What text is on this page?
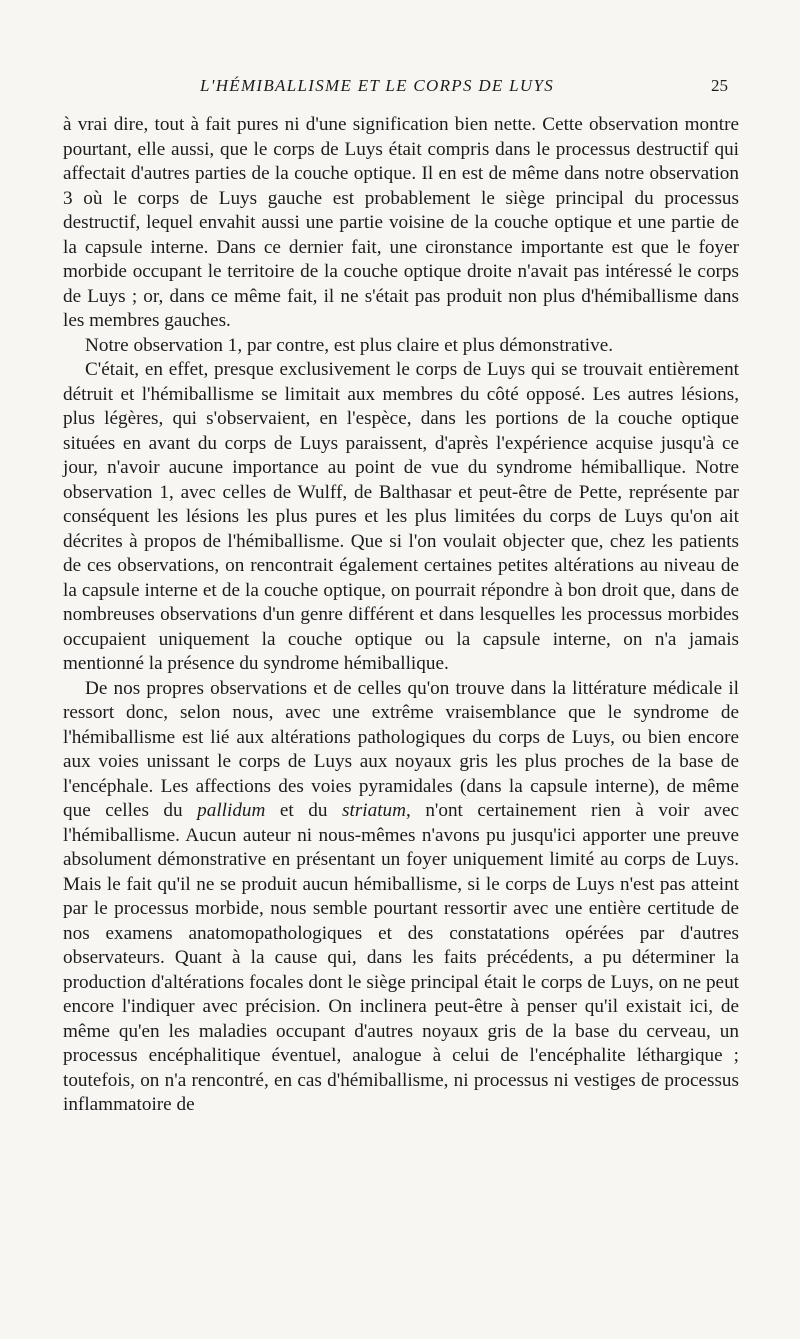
L'HÉMIBALLISME ET LE CORPS DE LUYS	25

à vrai dire, tout à fait pures ni d'une signification bien nette. Cette observation montre pourtant, elle aussi, que le corps de Luys était compris dans le processus destructif qui affectait d'autres parties de la couche optique. Il en est de même dans notre observation 3 où le corps de Luys gauche est probablement le siège principal du processus destructif, lequel envahit aussi une partie voisine de la couche optique et une partie de la capsule interne. Dans ce dernier fait, une cironstance importante est que le foyer morbide occupant le territoire de la couche optique droite n'avait pas intéressé le corps de Luys ; or, dans ce même fait, il ne s'était pas produit non plus d'hémiballisme dans les membres gauches.

Notre observation 1, par contre, est plus claire et plus démonstrative.

C'était, en effet, presque exclusivement le corps de Luys qui se trouvait entièrement détruit et l'hémiballisme se limitait aux membres du côté opposé. Les autres lésions, plus légères, qui s'observaient, en l'espèce, dans les portions de la couche optique situées en avant du corps de Luys paraissent, d'après l'expérience acquise jusqu'à ce jour, n'avoir aucune importance au point de vue du syndrome hémiballique. Notre observation 1, avec celles de Wulff, de Balthasar et peut-être de Pette, représente par conséquent les lésions les plus pures et les plus limitées du corps de Luys qu'on ait décrites à propos de l'hémiballisme. Que si l'on voulait objecter que, chez les patients de ces observations, on rencontrait également certaines petites altérations au niveau de la capsule interne et de la couche optique, on pourrait répondre à bon droit que, dans de nombreuses observations d'un genre différent et dans lesquelles les processus morbides occupaient uniquement la couche optique ou la capsule interne, on n'a jamais mentionné la présence du syndrome hémiballique.

De nos propres observations et de celles qu'on trouve dans la littérature médicale il ressort donc, selon nous, avec une extrême vraisemblance que le syndrome de l'hémiballisme est lié aux altérations pathologiques du corps de Luys, ou bien encore aux voies unissant le corps de Luys aux noyaux gris les plus proches de la base de l'encéphale. Les affections des voies pyramidales (dans la capsule interne), de même que celles du pallidum et du striatum, n'ont certainement rien à voir avec l'hémiballisme. Aucun auteur ni nous-mêmes n'avons pu jusqu'ici apporter une preuve absolument démonstrative en présentant un foyer uniquement limité au corps de Luys. Mais le fait qu'il ne se produit aucun hémiballisme, si le corps de Luys n'est pas atteint par le processus morbide, nous semble pourtant ressortir avec une entière certitude de nos examens anatomopathologiques et des constatations opérées par d'autres observateurs. Quant à la cause qui, dans les faits précédents, a pu déterminer la production d'altérations focales dont le siège principal était le corps de Luys, on ne peut encore l'indiquer avec précision. On inclinera peut-être à penser qu'il existait ici, de même qu'en les maladies occupant d'autres noyaux gris de la base du cerveau, un processus encéphalitique éventuel, analogue à celui de l'encéphalite léthargique ; toutefois, on n'a rencontré, en cas d'hémiballisme, ni processus ni vestiges de processus inflammatoire de
